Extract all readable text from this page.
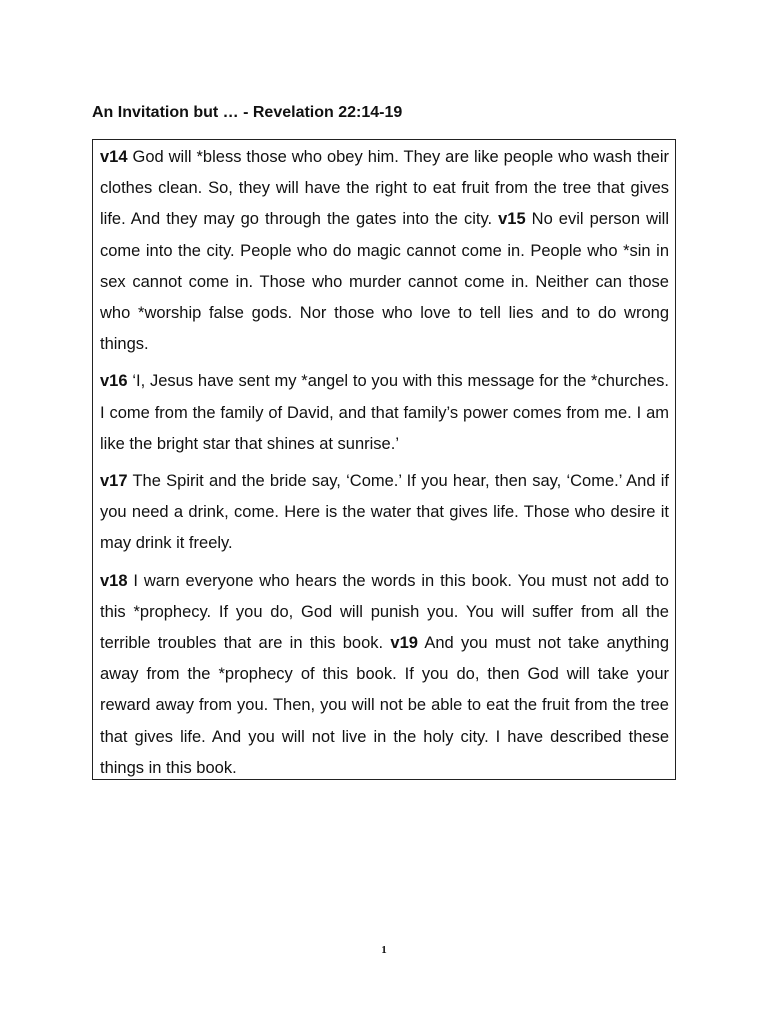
An Invitation but … - Revelation 22:14-19

v14 God will *bless those who obey him. They are like people who wash their clothes clean. So, they will have the right to eat fruit from the tree that gives life. And they may go through the gates into the city. v15 No evil person will come into the city. People who do magic cannot come in. People who *sin in sex cannot come in. Those who murder cannot come in. Neither can those who *worship false gods. Nor those who love to tell lies and to do wrong things.

v16 ‘I, Jesus have sent my *angel to you with this message for the *churches. I come from the family of David, and that family’s power comes from me. I am like the bright star that shines at sunrise.’

v17 The Spirit and the bride say, ‘Come.’ If you hear, then say, ‘Come.’ And if you need a drink, come. Here is the water that gives life. Those who desire it may drink it freely.

v18 I warn everyone who hears the words in this book. You must not add to this *prophecy. If you do, God will punish you. You will suffer from all the terrible troubles that are in this book. v19 And you must not take anything away from the *prophecy of this book. If you do, then God will take your reward away from you. Then, you will not be able to eat the fruit from the tree that gives life. And you will not live in the holy city. I have described these things in this book.

1
